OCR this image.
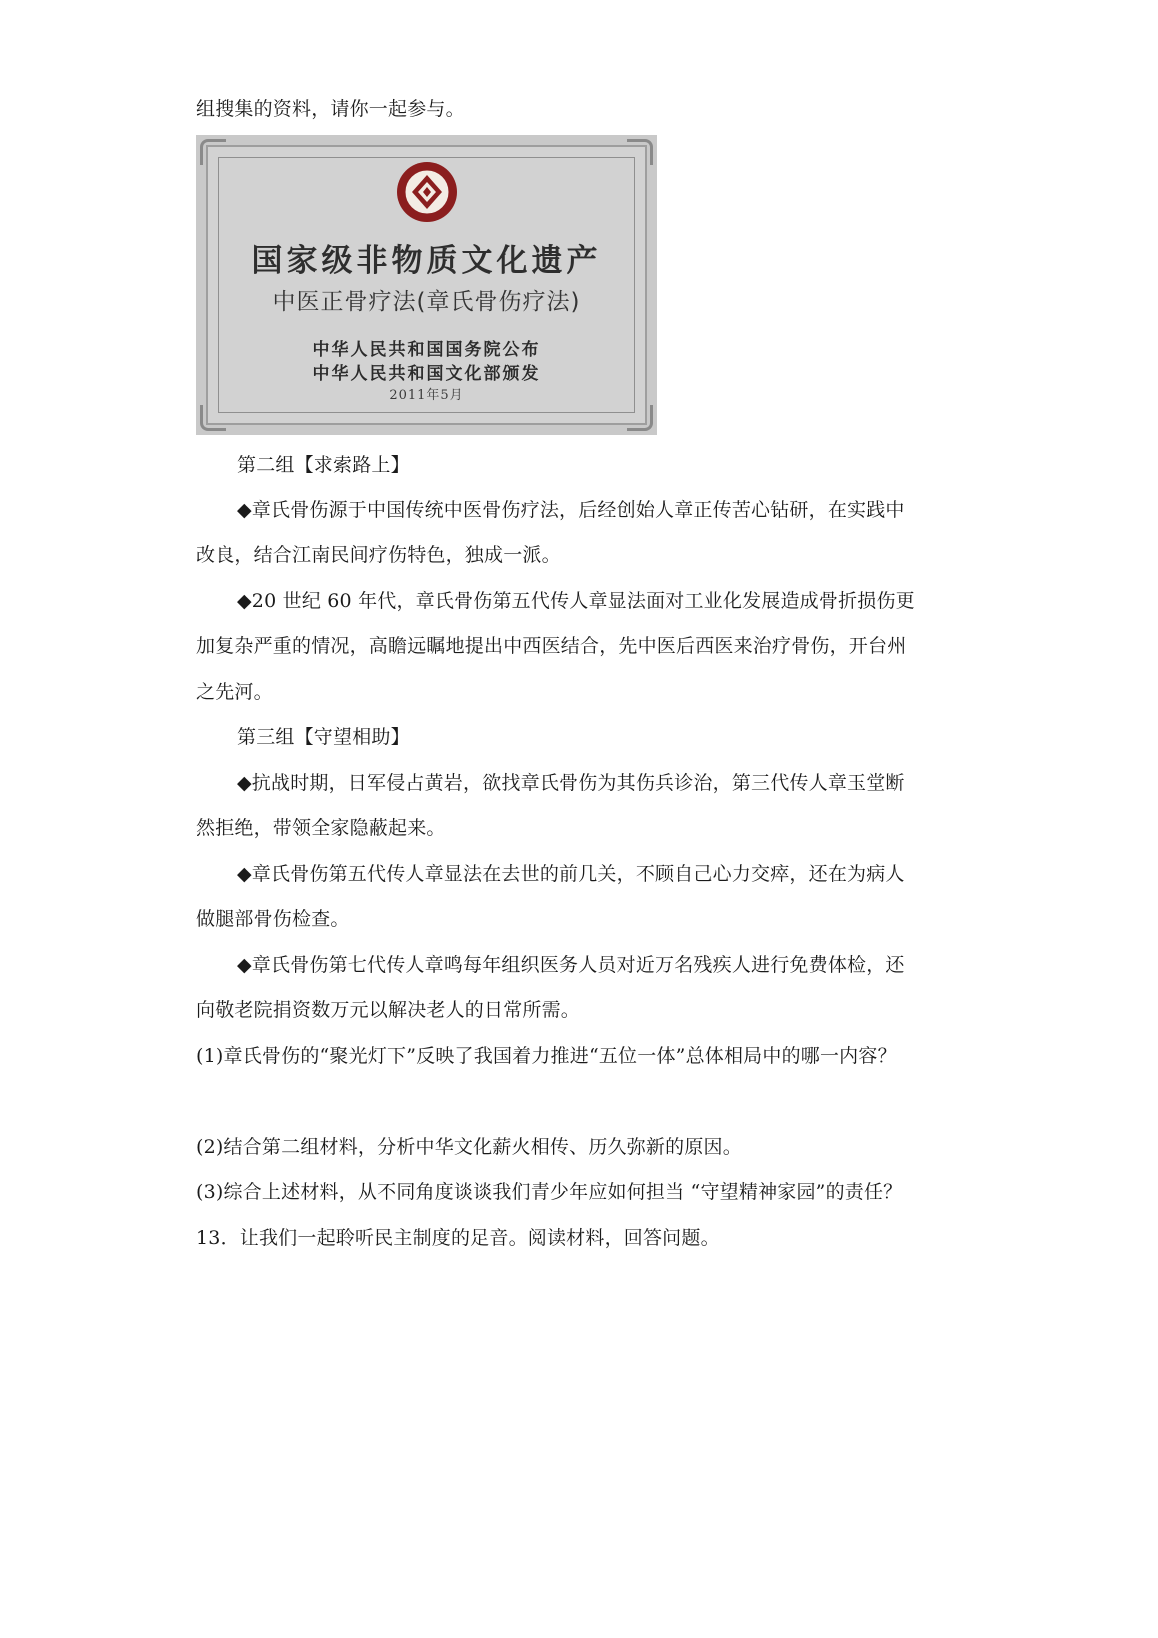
组搜集的资料，请你一起参与。
国家级非物质文化遗产
中医正骨疗法(章氏骨伤疗法)
中华人民共和国国务院公布
中华人民共和国文化部颁发
2011年5月
第二组【求索路上】
◆章氏骨伤源于中国传统中医骨伤疗法，后经创始人章正传苦心钻研，在实践中
改良，结合江南民间疗伤特色，独成一派。
◆20 世纪 60 年代，章氏骨伤第五代传人章显法面对工业化发展造成骨折损伤更
加复杂严重的情况，高瞻远瞩地提出中西医结合，先中医后西医来治疗骨伤，开台州
之先河。
第三组【守望相助】
◆抗战时期，日军侵占黄岩，欲找章氏骨伤为其伤兵诊治，第三代传人章玉堂断
然拒绝，带领全家隐蔽起来。
◆章氏骨伤第五代传人章显法在去世的前几关，不顾自己心力交瘁，还在为病人
做腿部骨伤检查。
◆章氏骨伤第七代传人章鸣每年组织医务人员对近万名残疾人进行免费体检，还
向敬老院捐资数万元以解决老人的日常所需。
(1)章氏骨伤的“聚光灯下”反映了我国着力推进“五位一体”总体相局中的哪一内容？
(2)结合第二组材料，分析中华文化薪火相传、历久弥新的原因。
(3)综合上述材料，从不同角度谈谈我们青少年应如何担当 “守望精神家园”的责任？
13．让我们一起聆听民主制度的足音。阅读材料，回答问题。
